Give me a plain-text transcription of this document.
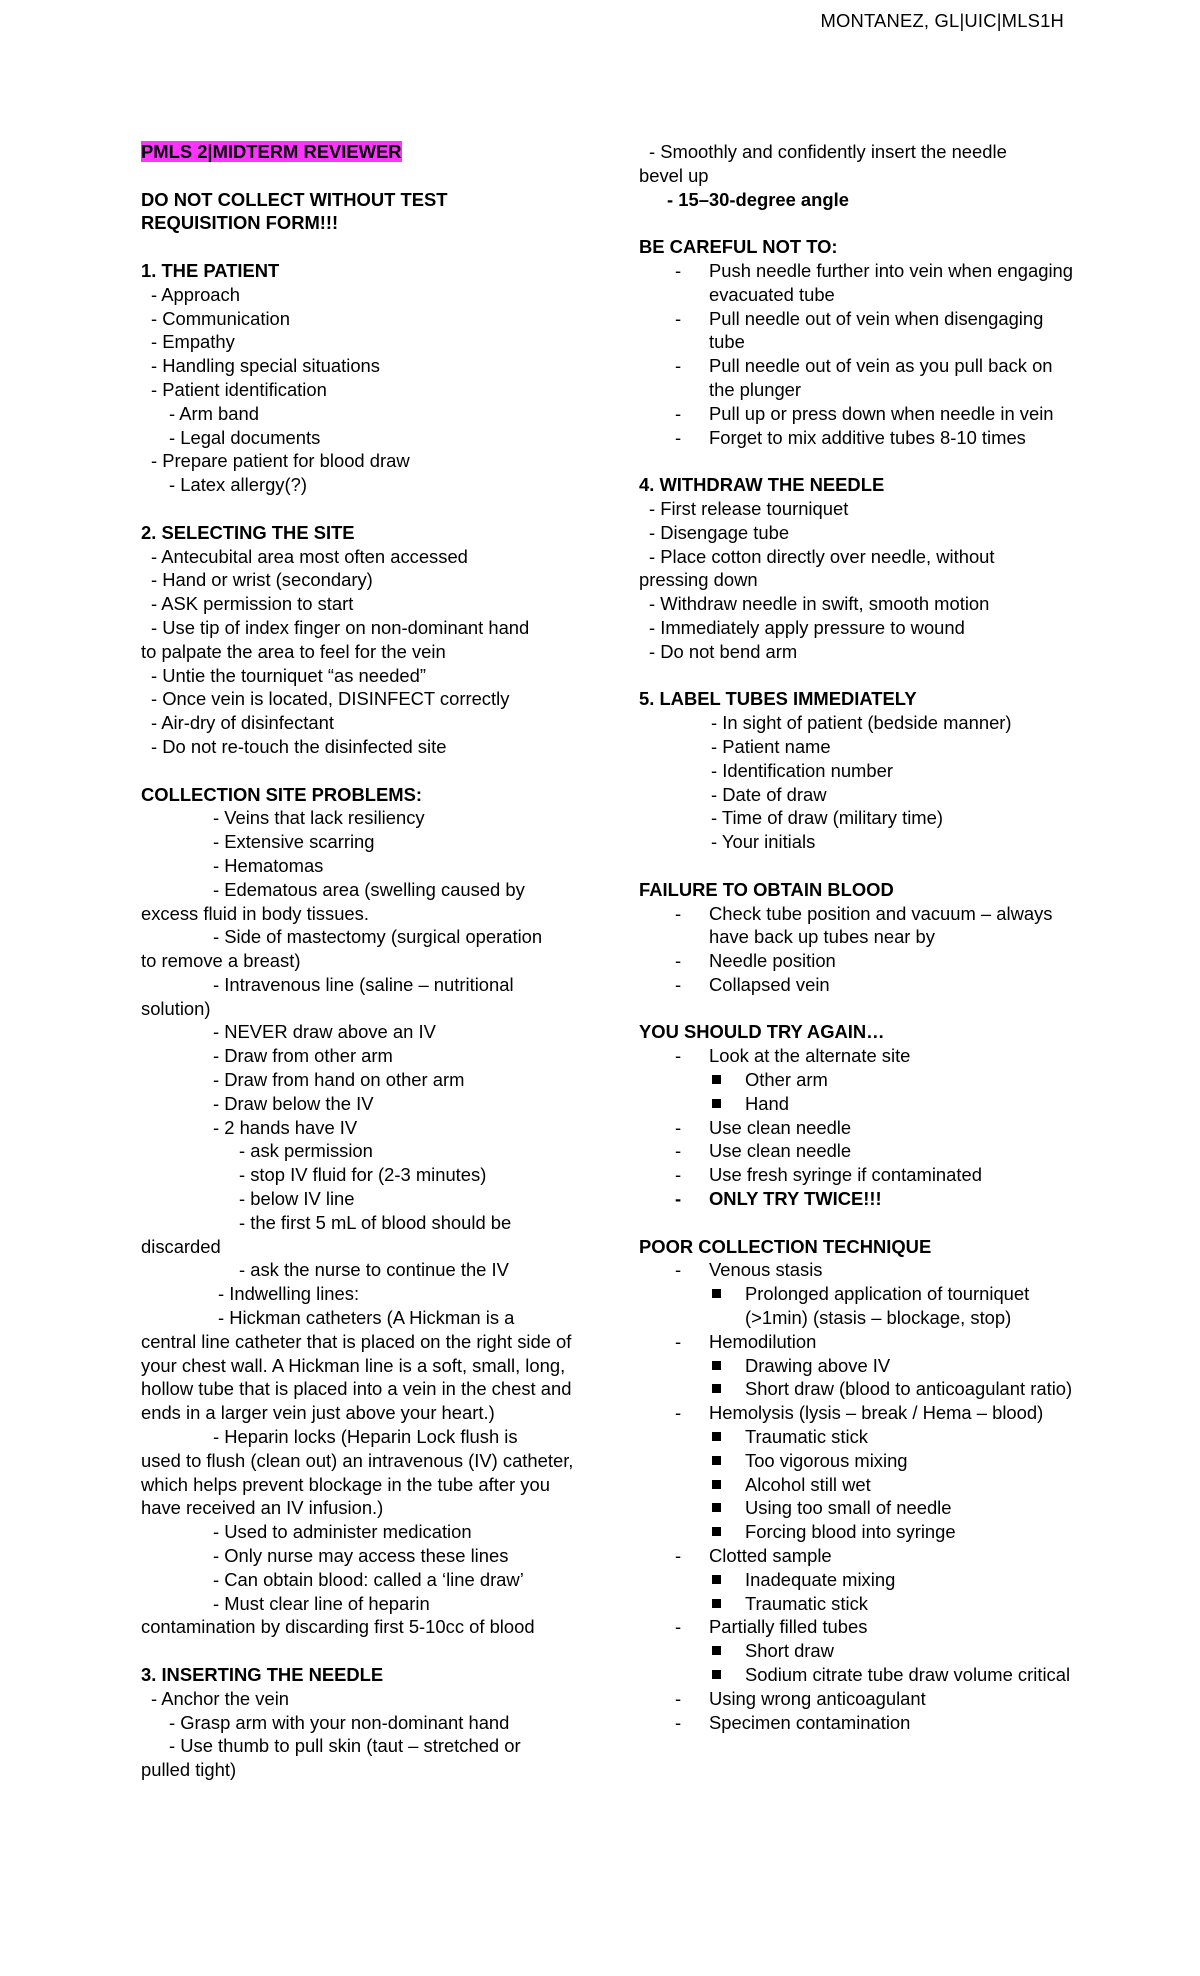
MONTANEZ, GL|UIC|MLS1H
PMLS 2|MIDTERM REVIEWER
DO NOT COLLECT WITHOUT TEST
REQUISITION FORM!!!
1. THE PATIENT
- Approach
- Communication
- Empathy
- Handling special situations
- Patient identification
- Arm band
- Legal documents
- Prepare patient for blood draw
- Latex allergy(?)
2. SELECTING THE SITE
- Antecubital area most often accessed
- Hand or wrist (secondary)
- ASK permission to start
- Use tip of index finger on non-dominant hand
to palpate the area to feel for the vein
- Untie the tourniquet “as needed”
- Once vein is located, DISINFECT correctly
- Air-dry of disinfectant
- Do not re-touch the disinfected site
COLLECTION SITE PROBLEMS:
- Veins that lack resiliency
- Extensive scarring
- Hematomas
- Edematous area (swelling caused by
excess fluid in body tissues.
- Side of mastectomy (surgical operation
to remove a breast)
- Intravenous line (saline – nutritional
solution)
- NEVER draw above an IV
- Draw from other arm
- Draw from hand on other arm
- Draw below the IV
- 2 hands have IV
- ask permission
- stop IV fluid for (2-3 minutes)
- below IV line
- the first 5 mL of blood should be
discarded
- ask the nurse to continue the IV
- Indwelling lines:
- Hickman catheters (A Hickman is a
central line catheter that is placed on the right side of your chest wall. A Hickman line is a soft, small, long, hollow tube that is placed into a vein in the chest and ends in a larger vein just above your heart.)
- Heparin locks (Heparin Lock flush is
used to flush (clean out) an intravenous (IV) catheter, which helps prevent blockage in the tube after you have received an IV infusion.)
- Used to administer medication
- Only nurse may access these lines
- Can obtain blood: called a ‘line draw’
- Must clear line of heparin
contamination by discarding first 5-10cc of blood
3. INSERTING THE NEEDLE
- Anchor the vein
- Grasp arm with your non-dominant hand
- Use thumb to pull skin (taut – stretched or
pulled tight)
- Smoothly and confidently insert the needle
bevel up
- 15–30-degree angle
BE CAREFUL NOT TO:
- Push needle further into vein when engaging evacuated tube
- Pull needle out of vein when disengaging tube
- Pull needle out of vein as you pull back on the plunger
- Pull up or press down when needle in vein
- Forget to mix additive tubes 8-10 times
4. WITHDRAW THE NEEDLE
- First release tourniquet
- Disengage tube
- Place cotton directly over needle, without
pressing down
- Withdraw needle in swift, smooth motion
- Immediately apply pressure to wound
- Do not bend arm
5. LABEL TUBES IMMEDIATELY
- In sight of patient (bedside manner)
- Patient name
- Identification number
- Date of draw
- Time of draw (military time)
- Your initials
FAILURE TO OBTAIN BLOOD
- Check tube position and vacuum – always have back up tubes near by
- Needle position
- Collapsed vein
YOU SHOULD TRY AGAIN…
- Look at the alternate site
Other arm
Hand
- Use clean needle
- Use clean needle
- Use fresh syringe if contaminated
- ONLY TRY TWICE!!!
POOR COLLECTION TECHNIQUE
- Venous stasis
Prolonged application of tourniquet (>1min) (stasis – blockage, stop)
- Hemodilution
Drawing above IV
Short draw (blood to anticoagulant ratio)
- Hemolysis (lysis – break / Hema – blood)
Traumatic stick
Too vigorous mixing
Alcohol still wet
Using too small of needle
Forcing blood into syringe
- Clotted sample
Inadequate mixing
Traumatic stick
- Partially filled tubes
Short draw
Sodium citrate tube draw volume critical
- Using wrong anticoagulant
- Specimen contamination
